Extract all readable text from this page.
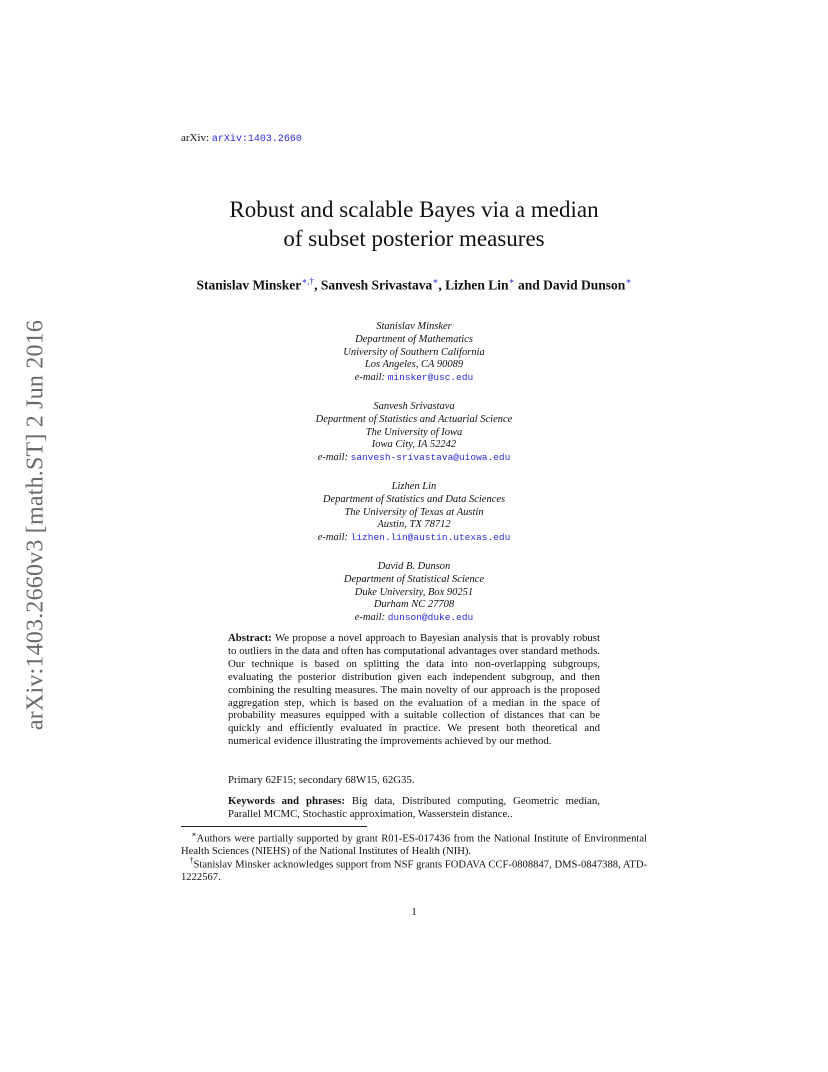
arXiv:1403.2660v3 [math.ST] 2 Jun 2016
arXiv: arXiv:1403.2660
Robust and scalable Bayes via a median
of subset posterior measures
Stanislav Minsker∗,†, Sanvesh Srivastava∗, Lizhen Lin∗ and David Dunson∗
Stanislav Minsker
Department of Mathematics
University of Southern California
Los Angeles, CA 90089
e-mail: minsker@usc.edu
Sanvesh Srivastava
Department of Statistics and Actuarial Science
The University of Iowa
Iowa City, IA 52242
e-mail: sanvesh-srivastava@uiowa.edu
Lizhen Lin
Department of Statistics and Data Sciences
The University of Texas at Austin
Austin, TX 78712
e-mail: lizhen.lin@austin.utexas.edu
David B. Dunson
Department of Statistical Science
Duke University, Box 90251
Durham NC 27708
e-mail: dunson@duke.edu
Abstract: We propose a novel approach to Bayesian analysis that is provably robust to outliers in the data and often has computational advantages over standard methods. Our technique is based on splitting the data into non-overlapping subgroups, evaluating the posterior distribution given each independent subgroup, and then combining the resulting measures. The main novelty of our approach is the proposed aggregation step, which is based on the evaluation of a median in the space of probability measures equipped with a suitable collection of distances that can be quickly and efficiently evaluated in practice. We present both theoretical and numerical evidence illustrating the improvements achieved by our method.
Primary 62F15; secondary 68W15, 62G35.
Keywords and phrases: Big data, Distributed computing, Geometric median, Parallel MCMC, Stochastic approximation, Wasserstein distance..
∗Authors were partially supported by grant R01-ES-017436 from the National Institute of Environmental Health Sciences (NIEHS) of the National Institutes of Health (NIH).
†Stanislav Minsker acknowledges support from NSF grants FODAVA CCF-0808847, DMS-0847388, ATD-1222567.
1
